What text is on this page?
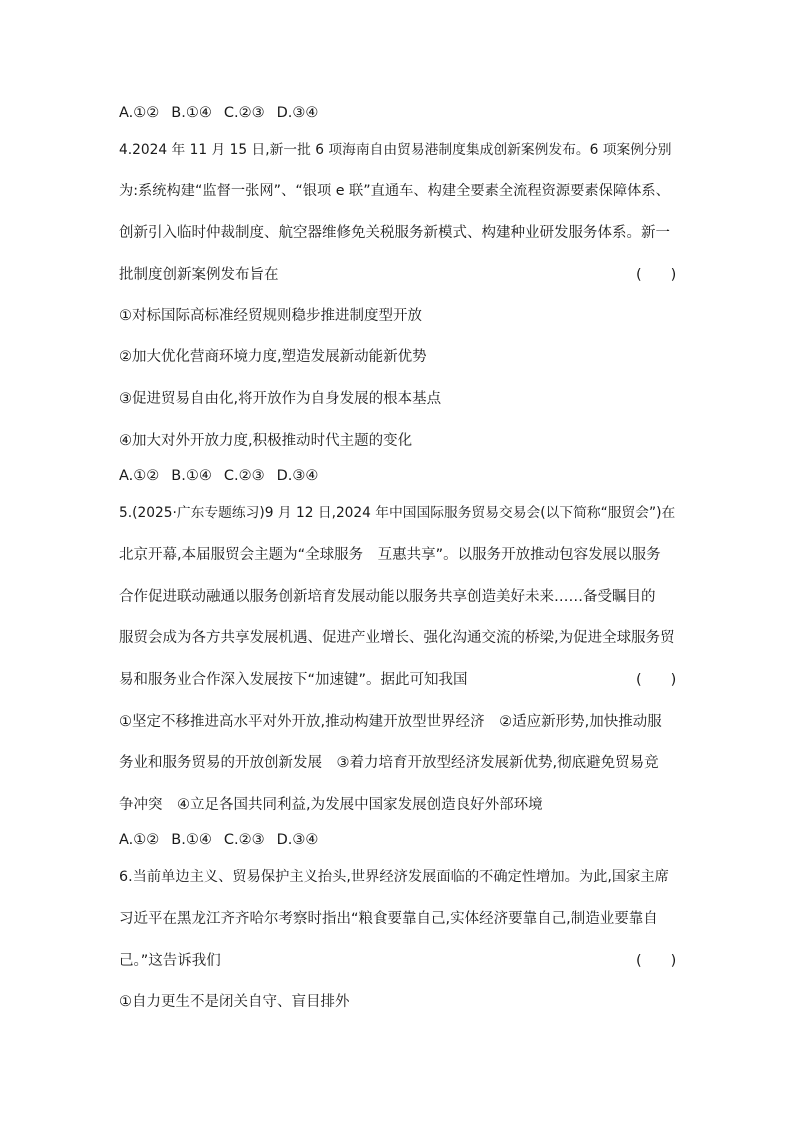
A.①② B.①④ C.②③ D.③④
4.2024 年 11 月 15 日,新一批 6 项海南自由贸易港制度集成创新案例发布。6 项案例分别
为:系统构建“监督一张网”、“银项 e 联”直通车、构建全要素全流程资源要素保障体系、
创新引入临时仲裁制度、航空器维修免关税服务新模式、构建种业研发服务体系。新一
批制度创新案例发布旨在	(　　)
①对标国际高标准经贸规则稳步推进制度型开放
②加大优化营商环境力度,塑造发展新动能新优势
③促进贸易自由化,将开放作为自身发展的根本基点
④加大对外开放力度,积极推动时代主题的变化
A.①② B.①④ C.②③ D.③④
5.(2025·广东专题练习)9 月 12 日,2024 年中国国际服务贸易交易会(以下简称“服贸会”)在
北京开幕,本届服贸会主题为“全球服务　互惠共享”。以服务开放推动包容发展以服务
合作促进联动融通以服务创新培育发展动能以服务共享创造美好未来……备受瞩目的
服贸会成为各方共享发展机遇、促进产业增长、强化沟通交流的桥梁,为促进全球服务贸
易和服务业合作深入发展按下“加速键”。据此可知我国	(　　)
①坚定不移推进高水平对外开放,推动构建开放型世界经济　②适应新形势,加快推动服
务业和服务贸易的开放创新发展　③着力培育开放型经济发展新优势,彻底避免贸易竞
争冲突　④立足各国共同利益,为发展中国家发展创造良好外部环境
A.①② B.①④ C.②③ D.③④
6.当前单边主义、贸易保护主义抬头,世界经济发展面临的不确定性增加。为此,国家主席
习近平在黑龙江齐齐哈尔考察时指出“粮食要靠自己,实体经济要靠自己,制造业要靠自
己。”这告诉我们	(　　)
①自力更生不是闭关自守、盲目排外
